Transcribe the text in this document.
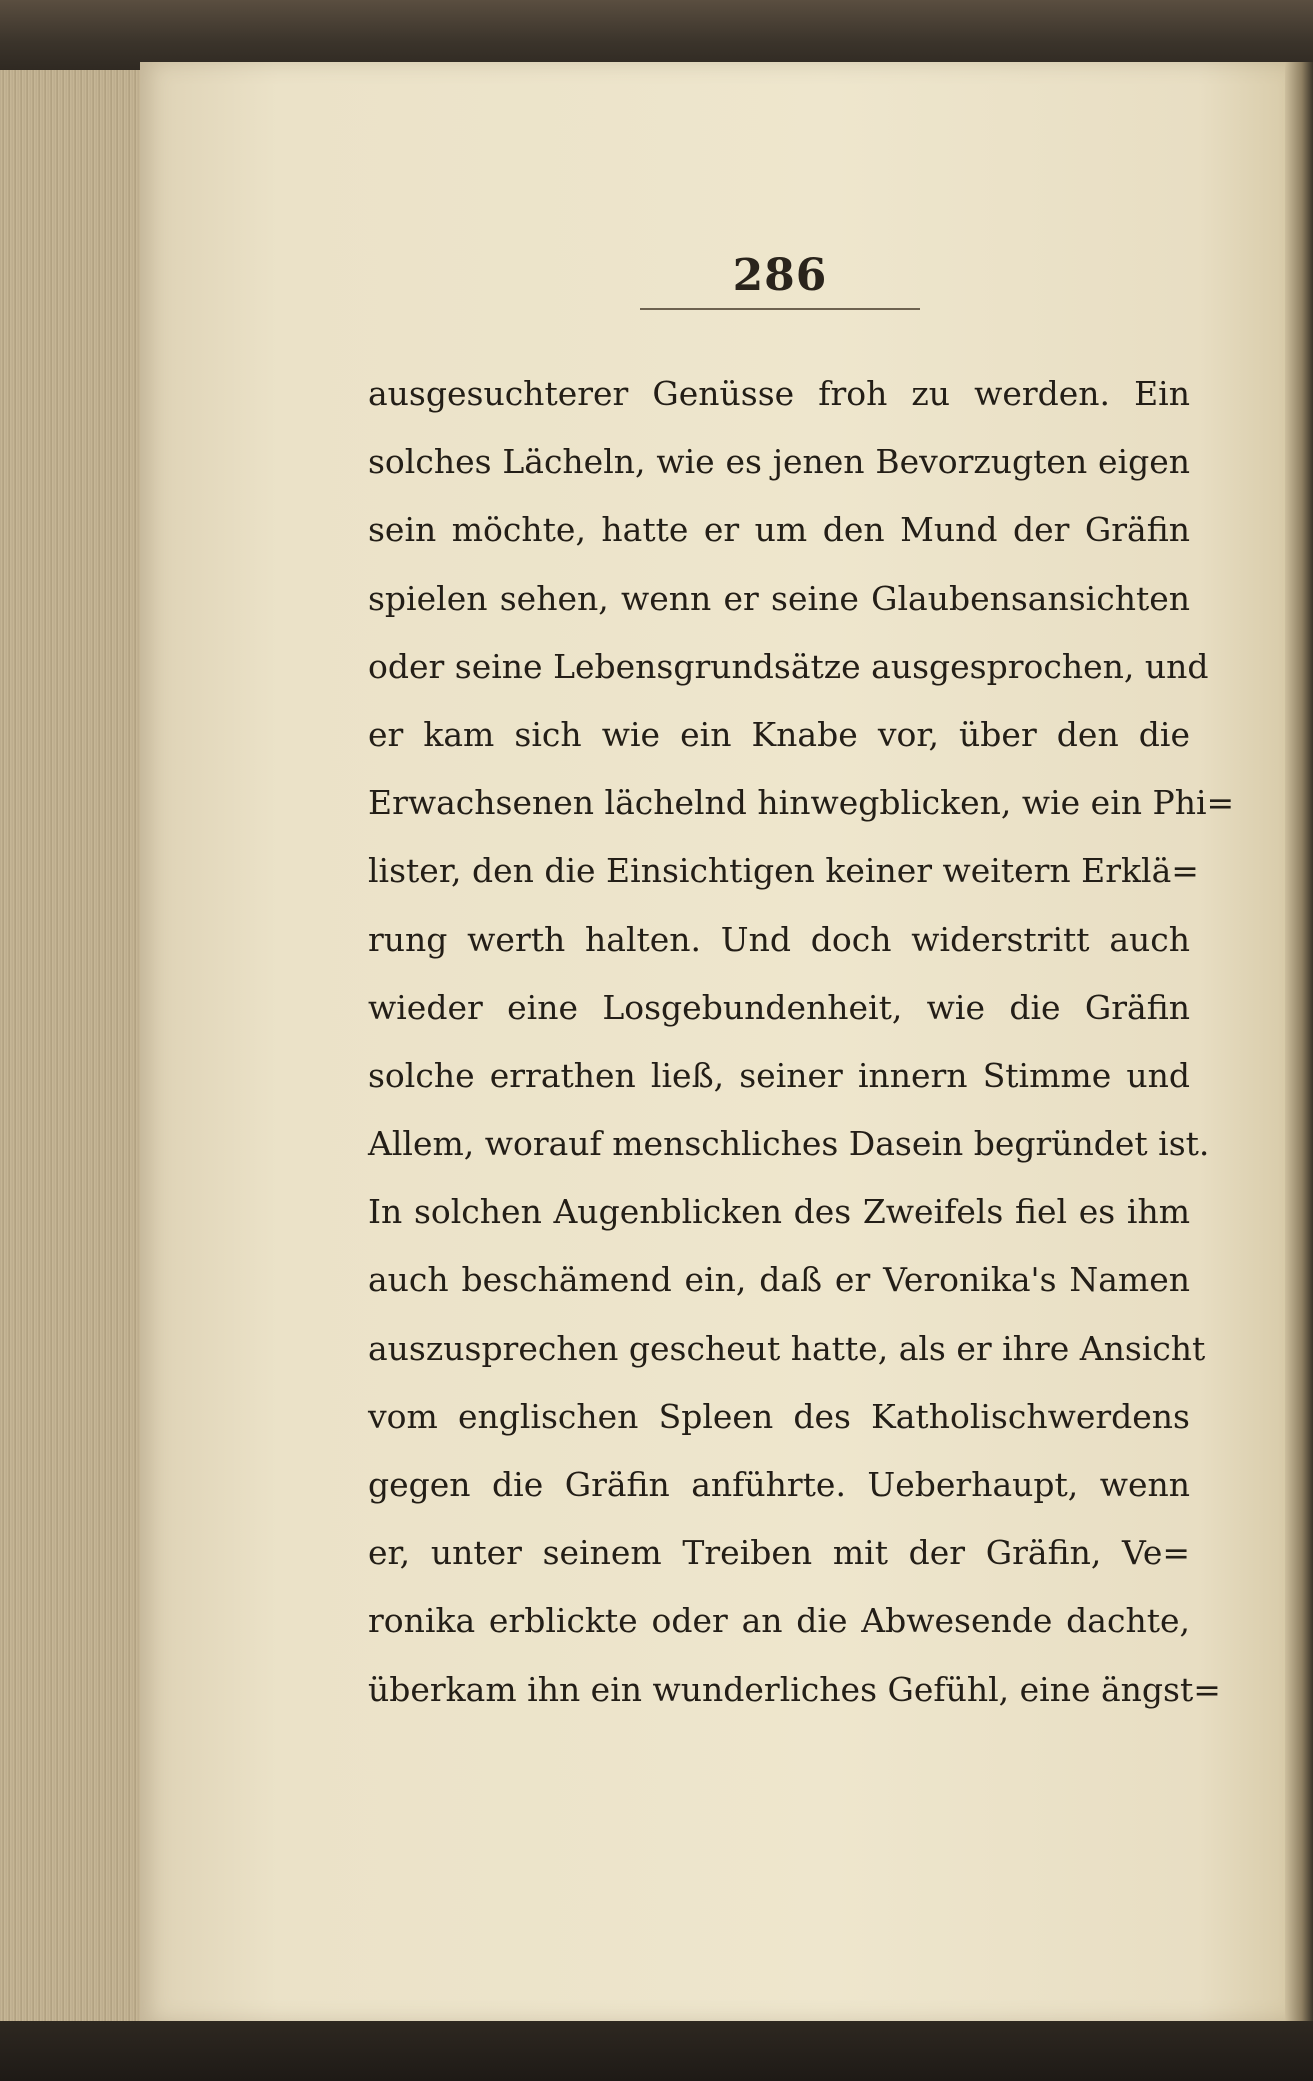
286
ausgesuchterer Genüsse froh zu werden. Ein
solches Lächeln, wie es jenen Bevorzugten eigen
sein möchte, hatte er um den Mund der Gräfin
spielen sehen, wenn er seine Glaubensansichten
oder seine Lebensgrundsätze ausgesprochen, und
er kam sich wie ein Knabe vor, über den die
Erwachsenen lächelnd hinwegblicken, wie ein Phi=
lister, den die Einsichtigen keiner weitern Erklä=
rung werth halten. Und doch widerstritt auch
wieder eine Losgebundenheit, wie die Gräfin
solche errathen ließ, seiner innern Stimme und
Allem, worauf menschliches Dasein begründet ist.
In solchen Augenblicken des Zweifels fiel es ihm
auch beschämend ein, daß er Veronika's Namen
auszusprechen gescheut hatte, als er ihre Ansicht
vom englischen Spleen des Katholischwerdens
gegen die Gräfin anführte. Ueberhaupt, wenn
er, unter seinem Treiben mit der Gräfin, Ve=
ronika erblickte oder an die Abwesende dachte,
überkam ihn ein wunderliches Gefühl, eine ängst=
